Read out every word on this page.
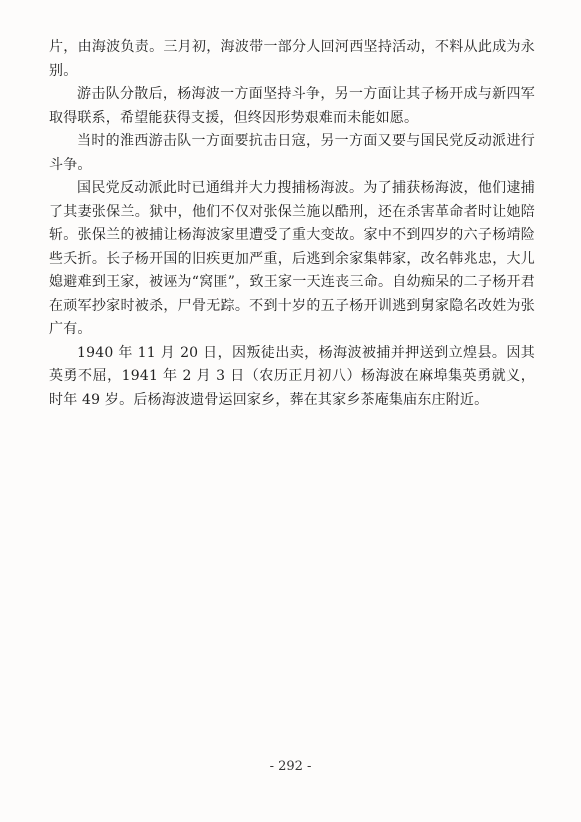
片，由海波负责。三月初，海波带一部分人回河西坚持活动，不料从此成为永别。

游击队分散后，杨海波一方面坚持斗争，另一方面让其子杨开成与新四军取得联系，希望能获得支援，但终因形势艰难而未能如愿。

当时的淮西游击队一方面要抗击日寇，另一方面又要与国民党反动派进行斗争。

国民党反动派此时已通缉并大力搜捕杨海波。为了捕获杨海波，他们逮捕了其妻张保兰。狱中，他们不仅对张保兰施以酷刑，还在杀害革命者时让她陪斩。张保兰的被捕让杨海波家里遭受了重大变故。家中不到四岁的六子杨靖险些夭折。长子杨开国的旧疾更加严重，后逃到余家集韩家，改名韩兆忠，大儿媳避难到王家，被诬为“窝匪”，致王家一天连丧三命。自幼痴呆的二子杨开君在顽军抄家时被杀，尸骨无踪。不到十岁的五子杨开训逃到舅家隐名改姓为张广有。

1940 年 11 月 20 日，因叛徒出卖，杨海波被捕并押送到立煌县。因其英勇不屈，1941 年 2 月 3 日（农历正月初八）杨海波在麻埠集英勇就义，时年 49 岁。后杨海波遗骨运回家乡，葬在其家乡茶庵集庙东庄附近。

- 292 -
